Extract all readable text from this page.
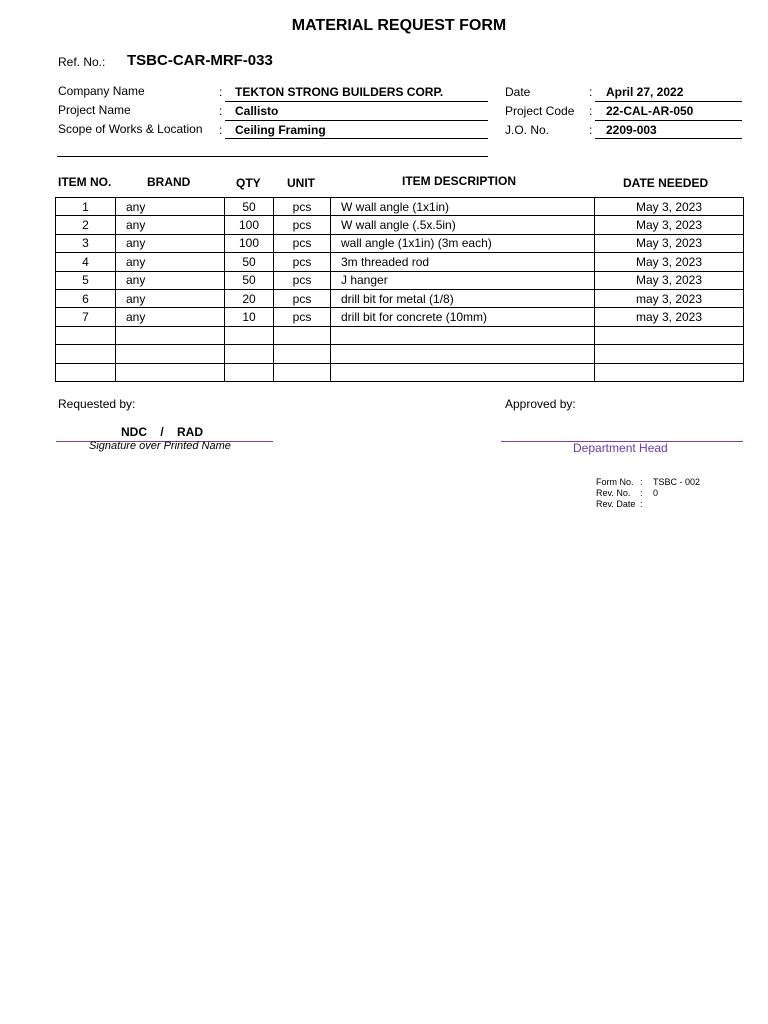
MATERIAL REQUEST FORM
Ref. No.: TSBC-CAR-MRF-033
Company Name	: TEKTON STRONG BUILDERS CORP.
Project Name	: Callisto
Scope of Works & Location : Ceiling Framing
Date	: April 27, 2022
Project Code : 22-CAL-AR-050
J.O. No.	: 2209-003
ITEM NO.	BRAND	QTY UNIT	ITEM DESCRIPTION	DATE NEEDED
1	any	50	pcs	W wall angle (1x1in)	May 3, 2023
2	any	100	pcs	W wall angle (.5x.5in)	May 3, 2023
3	any	100	pcs	wall angle (1x1in) (3m each)	May 3, 2023
4	any	50	pcs	3m threaded rod	May 3, 2023
5	any	50	pcs	J hanger	May 3, 2023
6	any	20	pcs	drill bit for metal (1/8)	may 3, 2023
7	any	10	pcs	drill bit for concrete (10mm)	may 3, 2023

Requested by:
NDC    /    RAD
Signature over Printed Name
Approved by:
Department Head
Form No. : TSBC - 002
Rev. No. : 0
Rev. Date :
